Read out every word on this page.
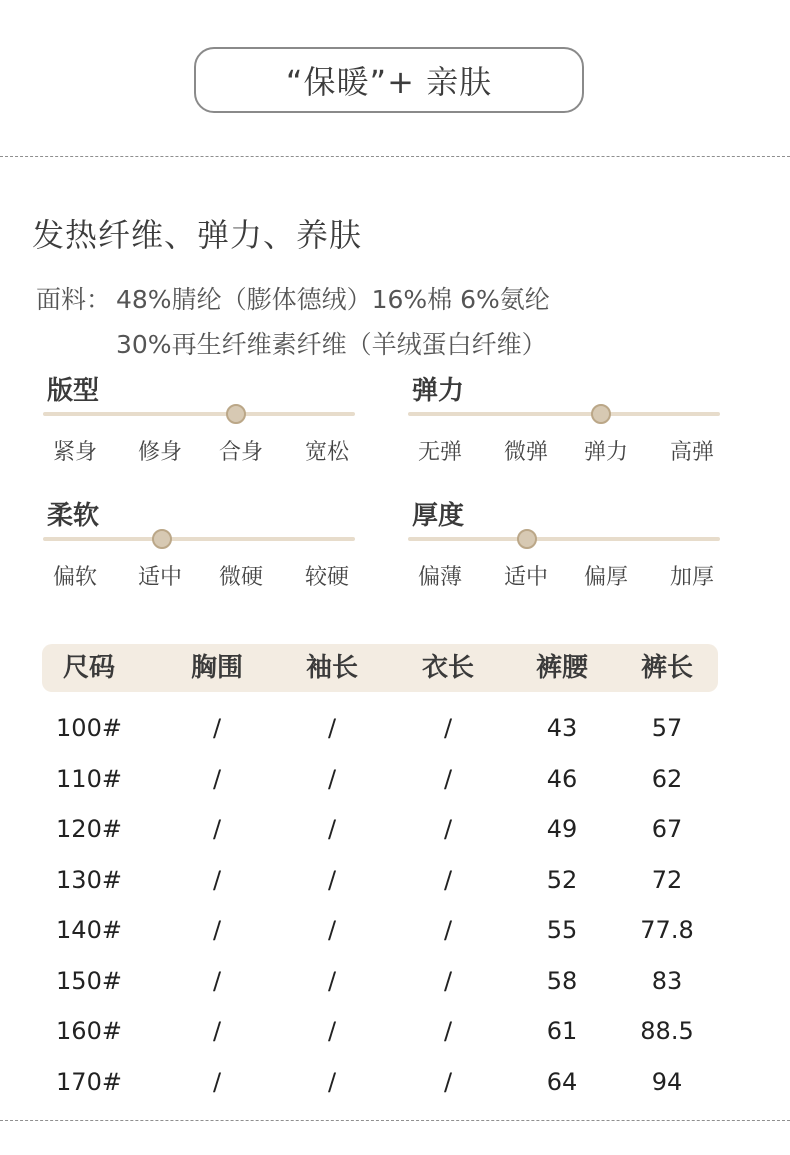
“保暖”+ 亲肤
发热纤维、弹力、养肤
面料： 48%腈纶（膨体德绒）16%棉 6%氨纶
30%再生纤维素纤维（羊绒蛋白纤维）
版型
紧身 修身 合身 宽松
弹力
无弹 微弹 弹力 高弹
柔软
偏软 适中 微硬 较硬
厚度
偏薄 适中 偏厚 加厚
尺码	胸围 袖长 衣长 裤腰 裤长
100#	/	/	/	43	57
110#	/	/	/	46	62
120#	/	/	/	49	67
130#	/	/	/	52	72
140#	/	/	/	55	77.8
150#	/	/	/	58	83
160#	/	/	/	61	88.5
170#	/	/	/	64	94
